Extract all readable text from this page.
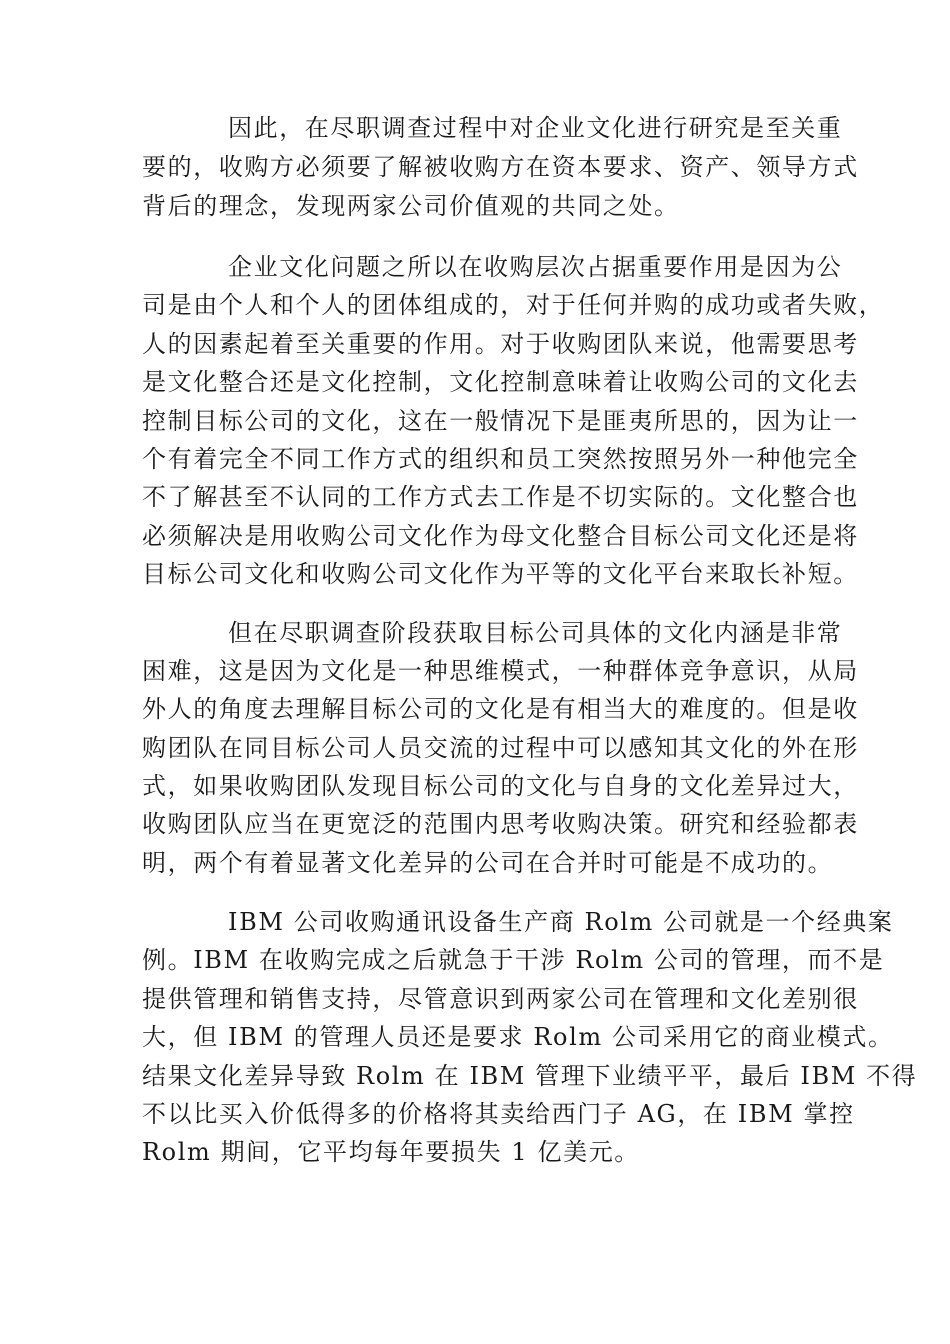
因此，在尽职调查过程中对企业文化进行研究是至关重
要的，收购方必须要了解被收购方在资本要求、资产、领导方式
背后的理念，发现两家公司价值观的共同之处。
企业文化问题之所以在收购层次占据重要作用是因为公
司是由个人和个人的团体组成的，对于任何并购的成功或者失败，
人的因素起着至关重要的作用。对于收购团队来说，他需要思考
是文化整合还是文化控制，文化控制意味着让收购公司的文化去
控制目标公司的文化，这在一般情况下是匪夷所思的，因为让一
个有着完全不同工作方式的组织和员工突然按照另外一种他完全
不了解甚至不认同的工作方式去工作是不切实际的。文化整合也
必须解决是用收购公司文化作为母文化整合目标公司文化还是将
目标公司文化和收购公司文化作为平等的文化平台来取长补短。
但在尽职调查阶段获取目标公司具体的文化内涵是非常
困难，这是因为文化是一种思维模式，一种群体竞争意识，从局
外人的角度去理解目标公司的文化是有相当大的难度的。但是收
购团队在同目标公司人员交流的过程中可以感知其文化的外在形
式，如果收购团队发现目标公司的文化与自身的文化差异过大，
收购团队应当在更宽泛的范围内思考收购决策。研究和经验都表
明，两个有着显著文化差异的公司在合并时可能是不成功的。
IBM 公司收购通讯设备生产商 Rolm 公司就是一个经典案
例。IBM 在收购完成之后就急于干涉 Rolm 公司的管理，而不是
提供管理和销售支持，尽管意识到两家公司在管理和文化差别很
大，但 IBM 的管理人员还是要求 Rolm 公司采用它的商业模式。
结果文化差异导致 Rolm 在 IBM 管理下业绩平平，最后 IBM 不得
不以比买入价低得多的价格将其卖给西门子 AG，在 IBM 掌控
Rolm 期间，它平均每年要损失 1 亿美元。
